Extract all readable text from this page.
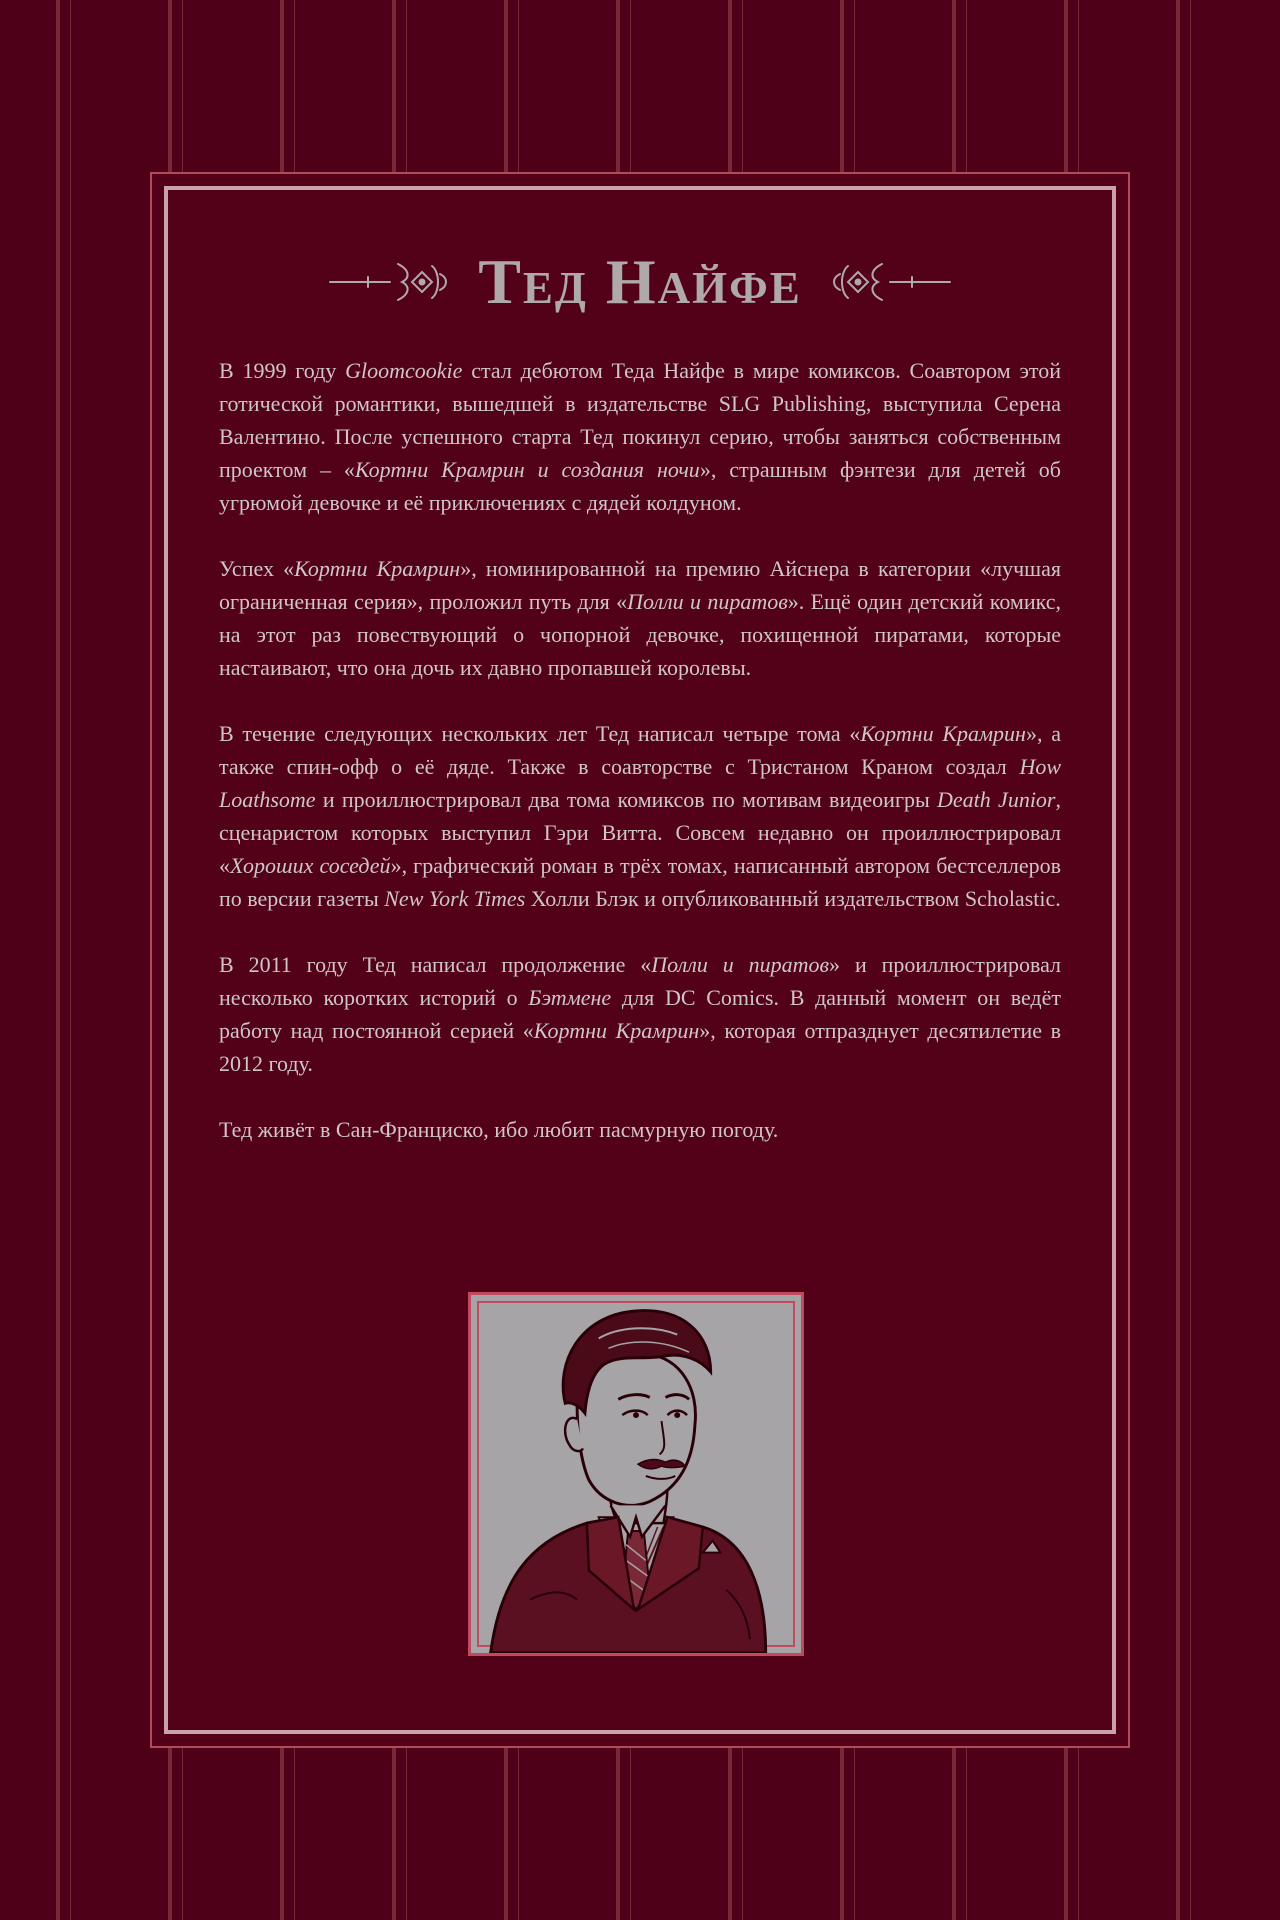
Тед Найфе

В 1999 году Gloomcookie стал дебютом Теда Найфе в мире комиксов. Соавтором этой готической романтики, вышедшей в издательстве SLG Publishing, выступила Серена Валентино. После успешного старта Тед покинул серию, чтобы заняться собственным проектом – «Кортни Крамрин и создания ночи», страшным фэнтези для детей об угрюмой девочке и её приключениях с дядей колдуном.

Успех «Кортни Крамрин», номинированной на премию Айснера в категории «лучшая ограниченная серия», проложил путь для «Полли и пиратов». Ещё один детский комикс, на этот раз повествующий о чопорной девочке, похищенной пиратами, которые настаивают, что она дочь их давно пропавшей королевы.

В течение следующих нескольких лет Тед написал четыре тома «Кортни Крамрин», а также спин-офф о её дяде. Также в соавторстве с Тристаном Краном создал How Loathsome и проиллюстрировал два тома комиксов по мотивам видеоигры Death Junior, сценаристом которых выступил Гэри Витта. Совсем недавно он проиллюстрировал «Хороших соседей», графический роман в трёх томах, написанный автором бестселлеров по версии газеты New York Times Холли Блэк и опубликованный издательством Scholastic.

В 2011 году Тед написал продолжение «Полли и пиратов» и проиллюстрировал несколько коротких историй о Бэтмене для DC Comics. В данный момент он ведёт работу над постоянной серией «Кортни Крамрин», которая отпразднует десятилетие в 2012 году.

Тед живёт в Сан-Франциско, ибо любит пасмурную погоду.
